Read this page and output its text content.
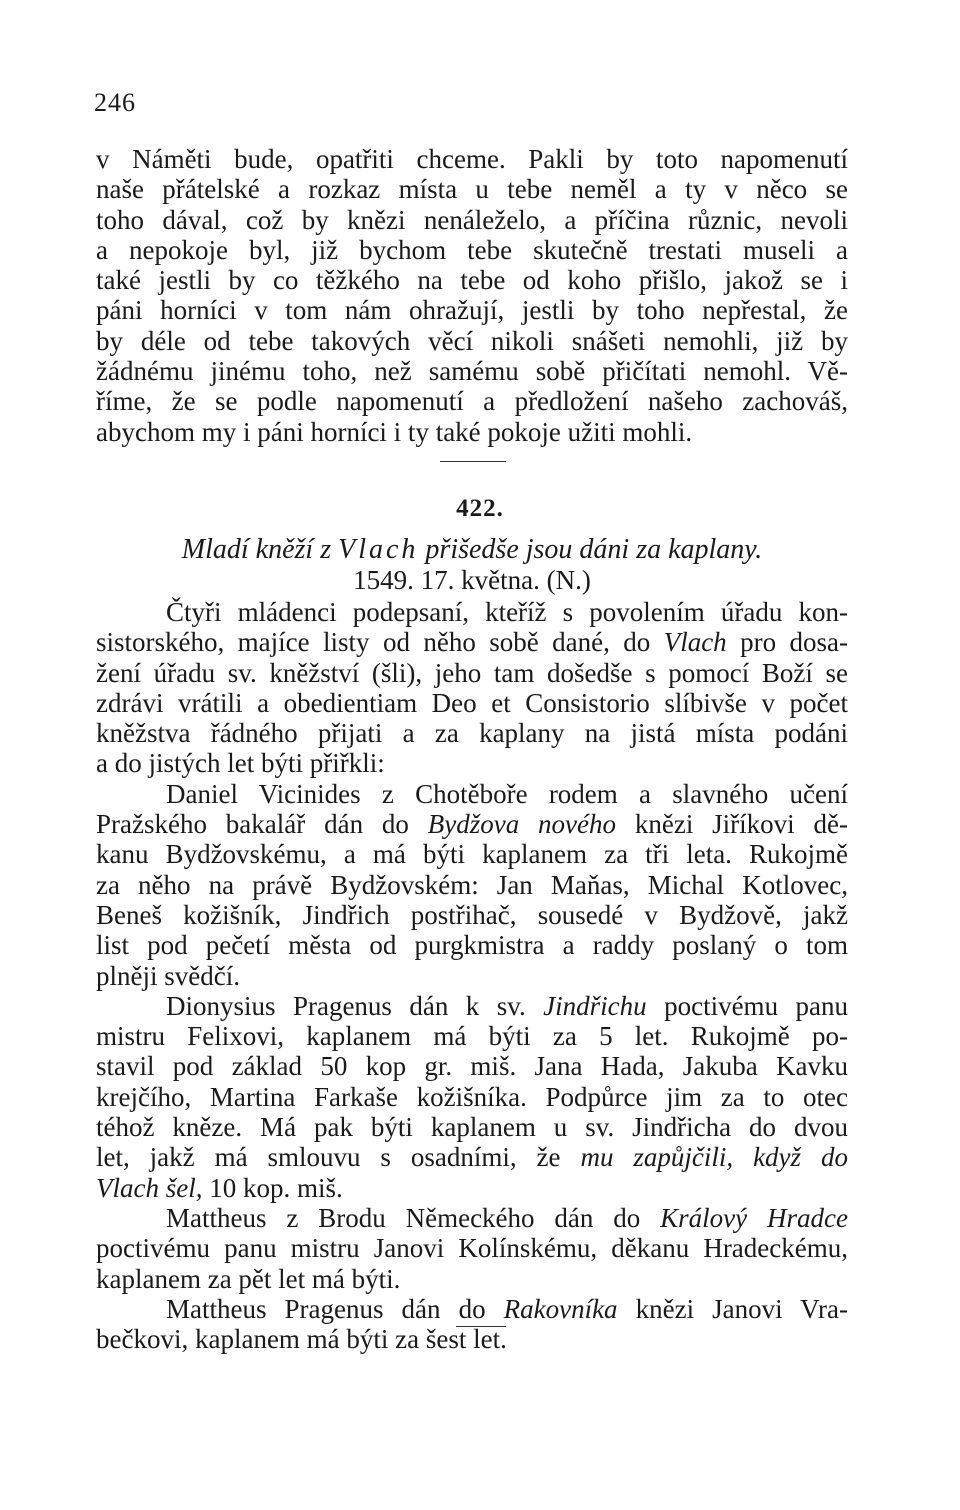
246
v Náměti bude, opatřiti chceme. Pakli by toto napomenutí
naše přátelské a rozkaz místa u tebe neměl a ty v něco se
toho dával, což by knězi nenáleželo, a příčina různic, nevoli
a nepokoje byl, již bychom tebe skutečně trestati museli a
také jestli by co těžkého na tebe od koho přišlo, jakož se i
páni horníci v tom nám ohražují, jestli by toho nepřestal, že
by déle od tebe takových věcí nikoli snášeti nemohli, již by
žádnému jinému toho, než samému sobě přičítati nemohl. Vě-
říme, že se podle napomenutí a předložení našeho zachováš,
abychom my i páni horníci i ty také pokoje užiti mohli.
422.
Mladí kněží z Vlach přišedše jsou dáni za kaplany.
1549. 17. května. (N.)
Čtyři mládenci podepsaní, kteříž s povolením úřadu kon-
sistorského, majíce listy od něho sobě dané, do Vlach pro dosa-
žení úřadu sv. kněžství (šli), jeho tam došedše s pomocí Boží se
zdrávi vrátili a obedientiam Deo et Consistorio slíbivše v počet
kněžstva řádného přijati a za kaplany na jistá místa podáni
a do jistých let býti přiřkli:
Daniel Vicinides z Chotěboře rodem a slavného učení
Pražského bakalář dán do Bydžova nového knězi Jiříkovi dě-
kanu Bydžovskému, a má býti kaplanem za tři leta. Rukojmě
za něho na právě Bydžovském: Jan Maňas, Michal Kotlovec,
Beneš kožišník, Jindřich postřihač, sousedé v Bydžově, jakž
list pod pečetí města od purgkmistra a raddy poslaný o tom
plněji svědčí.
Dionysius Pragenus dán k sv. Jindřichu poctivému panu
mistru Felixovi, kaplanem má býti za 5 let. Rukojmě po-
stavil pod základ 50 kop gr. miš. Jana Hada, Jakuba Kavku
krejčího, Martina Farkaše kožišníka. Podpůrce jim za to otec
téhož kněze. Má pak býti kaplanem u sv. Jindřicha do dvou
let, jakž má smlouvu s osadními, že mu zapůjčili, když do
Vlach šel, 10 kop. miš.
Mattheus z Brodu Německého dán do Králový Hradce
poctivému panu mistru Janovi Kolínskému, děkanu Hradeckému,
kaplanem za pět let má býti.
Mattheus Pragenus dán do Rakovníka knězi Janovi Vra-
bečkovi, kaplanem má býti za šest let.
